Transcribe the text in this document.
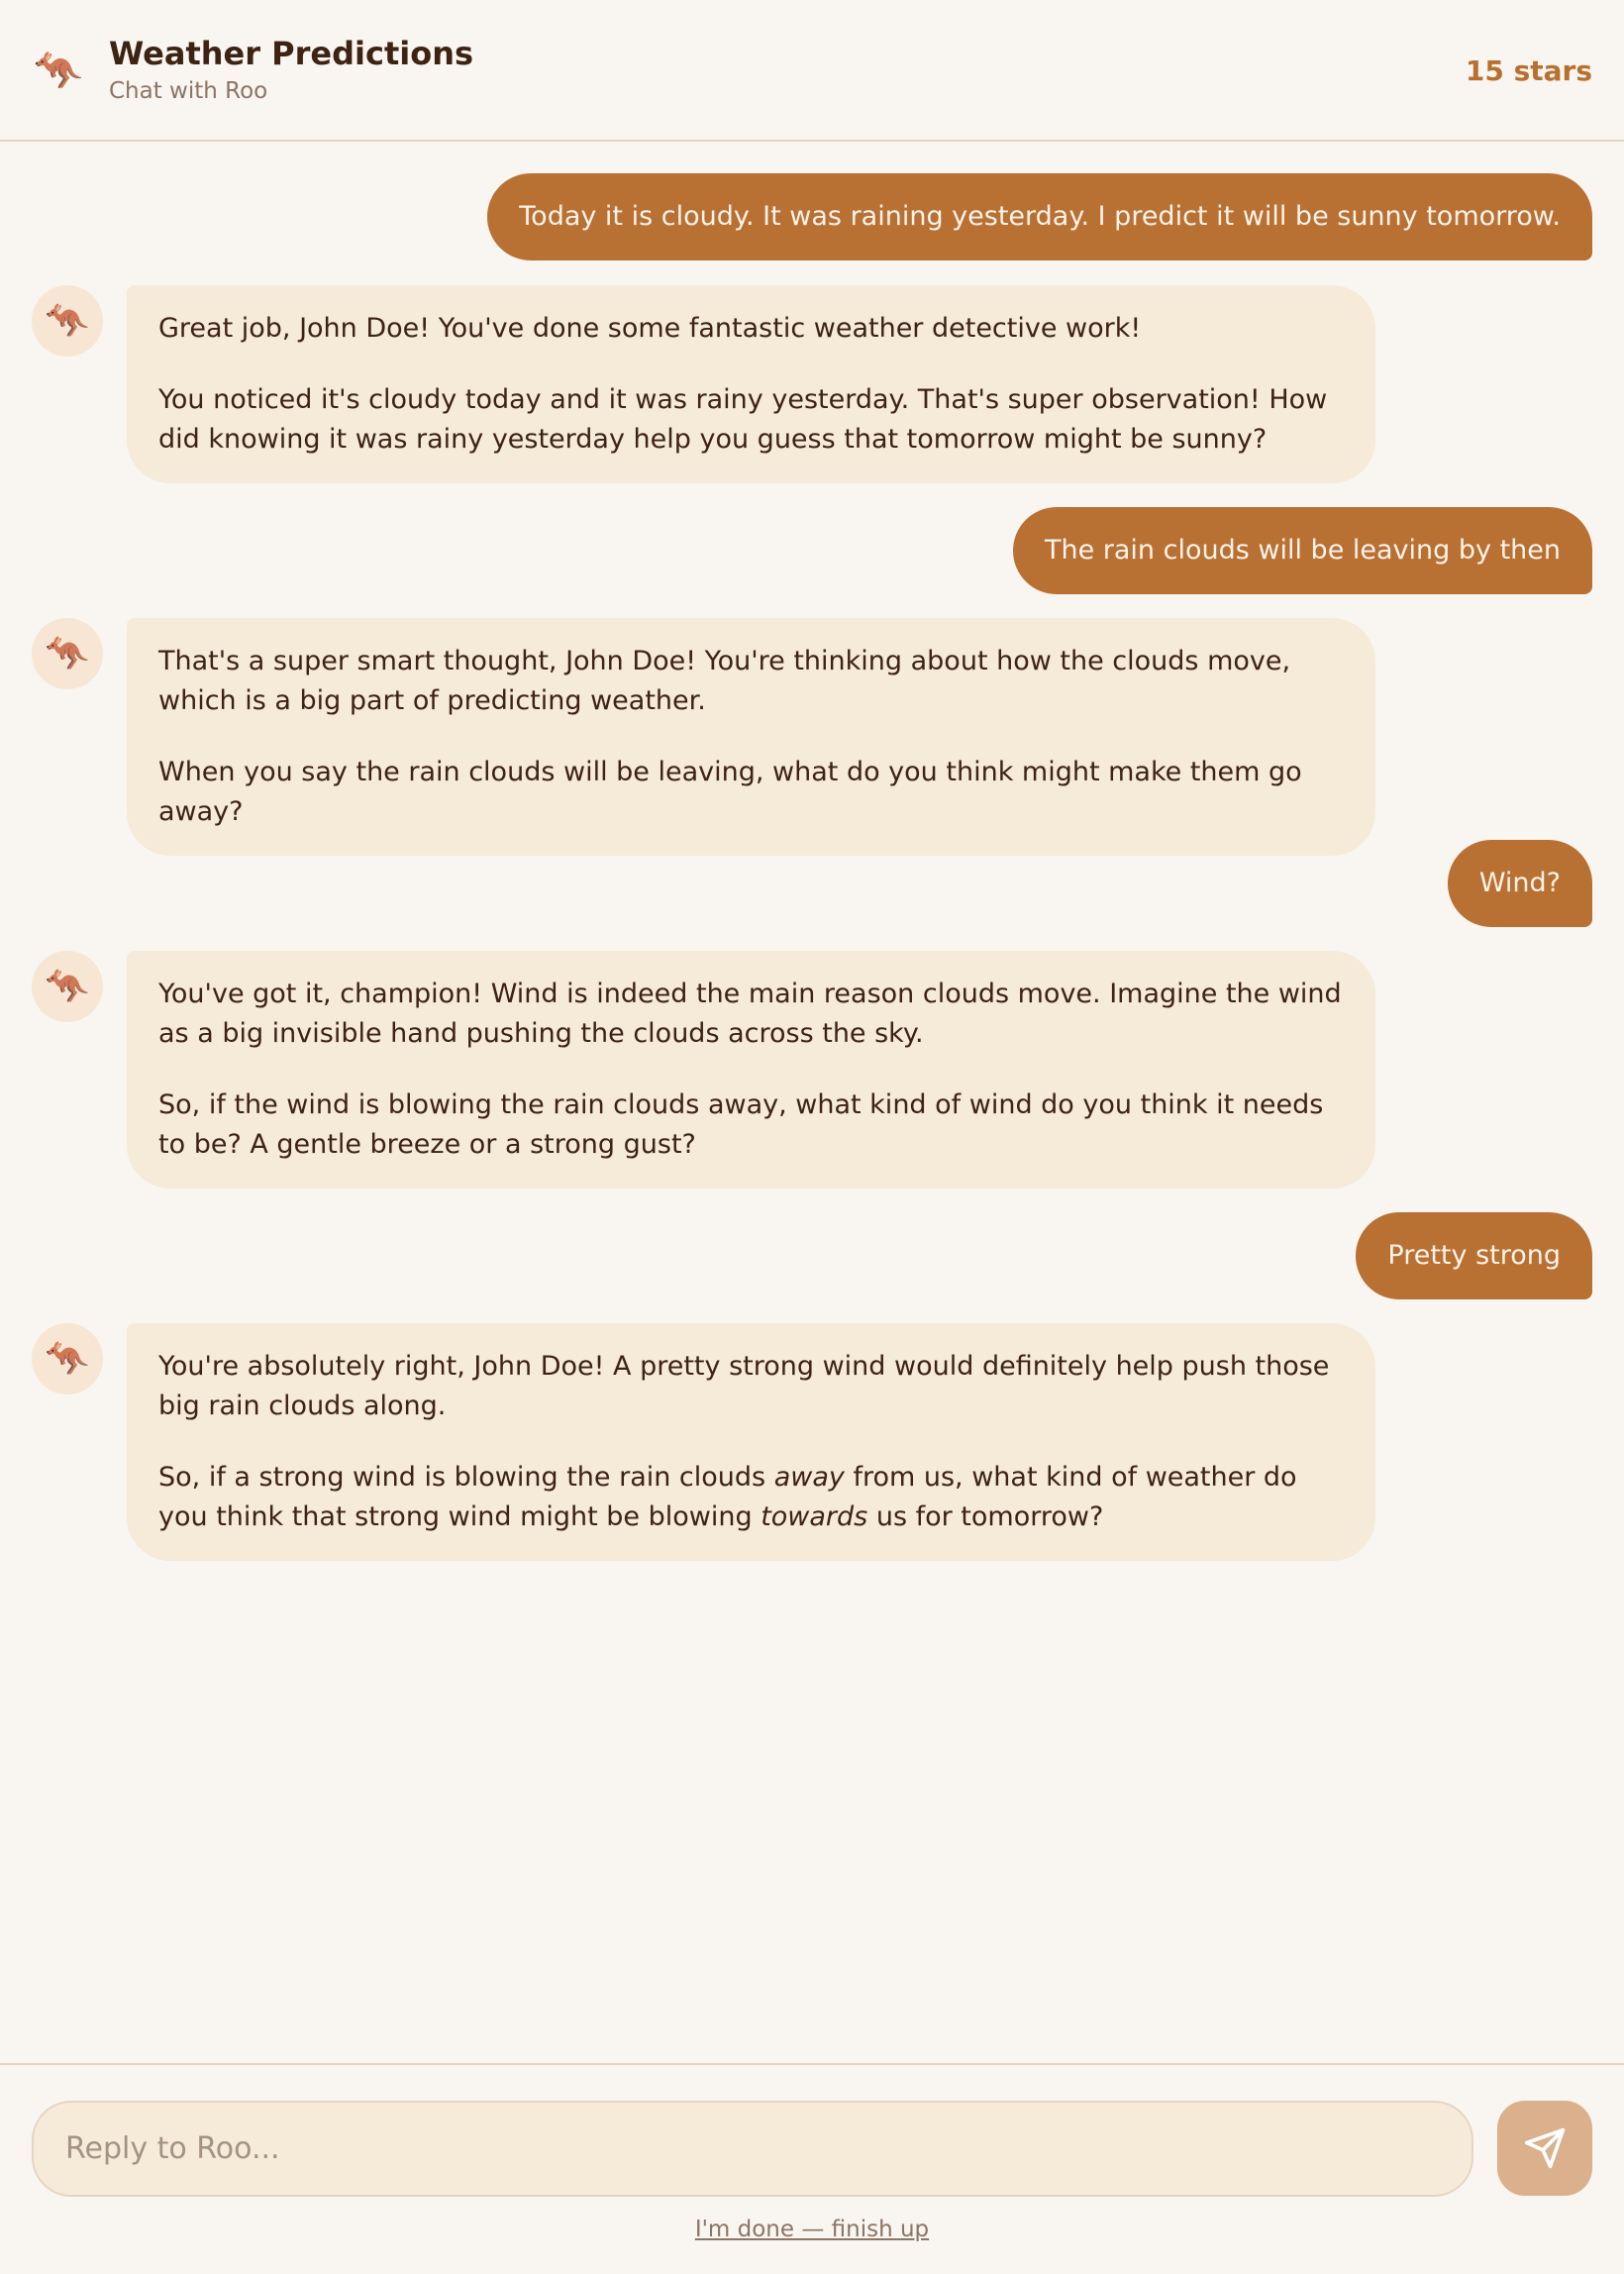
🦘 Weather Predictions
Chat with Roo
15 stars
Today it is cloudy. It was raining yesterday. I predict it will be sunny tomorrow.
🦘	Great job, John Doe! You've done some fantastic weather detective work!

You noticed it's cloudy today and it was rainy yesterday. That's super observation! How did knowing it was rainy yesterday help you guess that tomorrow might be sunny?

The rain clouds will be leaving by then
🦘	That's a super smart thought, John Doe! You're thinking about how the clouds move, which is a big part of predicting weather.

When you say the rain clouds will be leaving, what do you think might make them go away?

Wind?
🦘	You've got it, champion! Wind is indeed the main reason clouds move. Imagine the wind as a big invisible hand pushing the clouds across the sky.

So, if the wind is blowing the rain clouds away, what kind of wind do you think it needs to be? A gentle breeze or a strong gust?

Pretty strong
🦘	You're absolutely right, John Doe! A pretty strong wind would definitely help push those big rain clouds along.

So, if a strong wind is blowing the rain clouds away from us, what kind of weather do you think that strong wind might be blowing towards us for tomorrow?

Reply to Roo...
I'm done — finish up
